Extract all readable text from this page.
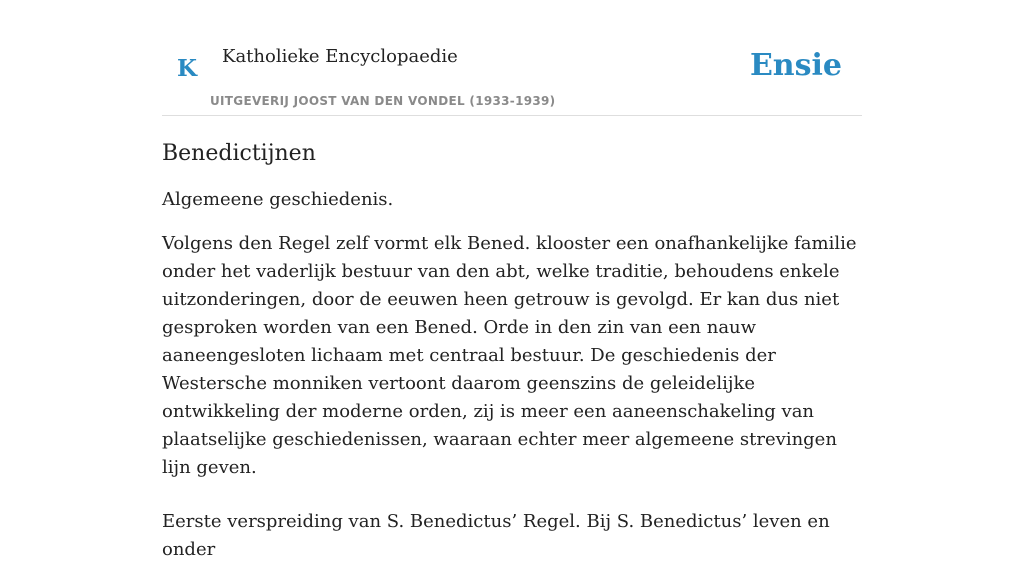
K Katholieke Encyclopaedie
UITGEVERIJ JOOST VAN DEN VONDEL (1933-1939)
Ensie
Benedictijnen

Algemeene geschiedenis.

Volgens den Regel zelf vormt elk Bened. klooster een onafhankelijke familie onder het vaderlijk bestuur van den abt, welke traditie, behoudens enkele uitzonderingen, door de eeuwen heen getrouw is gevolgd. Er kan dus niet gesproken worden van een Bened. Orde in den zin van een nauw aaneengesloten lichaam met centraal bestuur. De geschiedenis der Westersche monniken vertoont daarom geenszins de geleidelijke ontwikkeling der moderne orden, zij is meer een aaneenschakeling van plaatselijke geschiedenissen, waaraan echter meer algemeene strevingen lijn geven.

Eerste verspreiding van S. Benedictus’ Regel. Bij S. Benedictus’ leven en onder
